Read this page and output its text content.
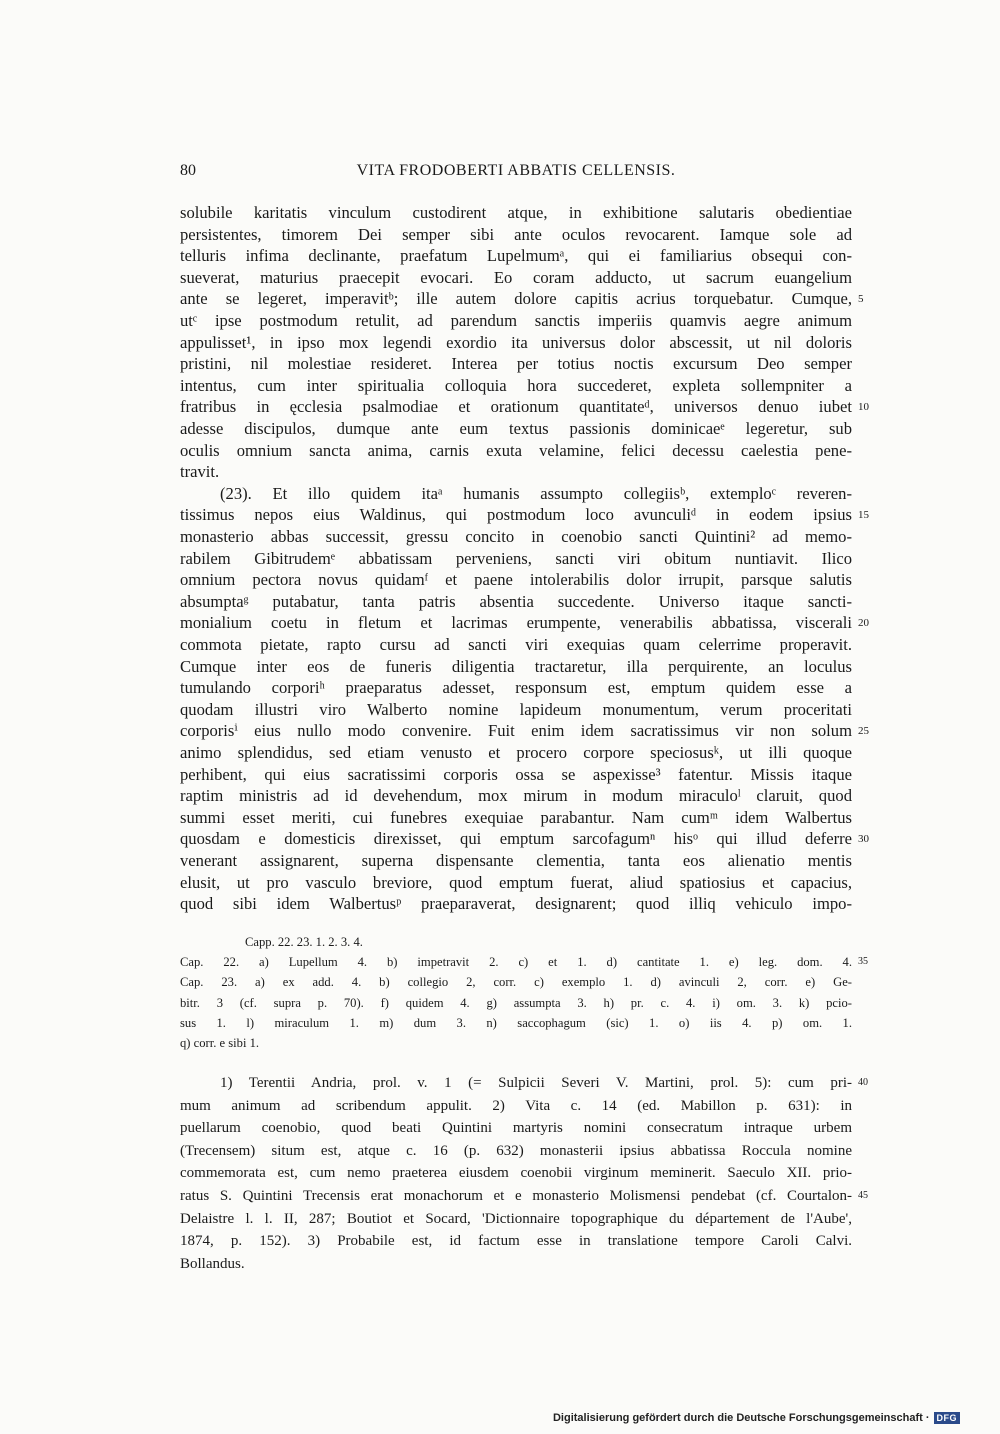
80	VITA FRODOBERTI ABBATIS CELLENSIS.
solubile karitatis vinculum custodirent atque, in exhibitione salutaris obedientiae
persistentes, timorem Dei semper sibi ante oculos revocarent. Iamque sole ad
telluris infima declinante, praefatum Lupelmumᵃ, qui ei familiarius obsequi con-
sueverat, maturius praecepit evocari. Eo coram adducto, ut sacrum euangelium
ante se legeret, imperavitᵇ; ille autem dolore capitis acrius torquebatur. Cumque, 5
utᶜ ipse postmodum retulit, ad parendum sanctis imperiis quamvis aegre animum
appulisset¹, in ipso mox legendi exordio ita universus dolor abscessit, ut nil doloris
pristini, nil molestiae resideret. Interea per totius noctis excursum Deo semper
intentus, cum inter spiritualia colloquia hora succederet, expleta sollempniter a
fratribus in ęcclesia psalmodiae et orationum quantitateᵈ, universos denuo iubet 10
adesse discipulos, dumque ante eum textus passionis dominicaeᵉ legeretur, sub
oculis omnium sancta anima, carnis exuta velamine, felici decessu caelestia pene-
travit.
(23). Et illo quidem itaᵃ humanis assumpto collegiisᵇ, extemploᶜ reveren-
tissimus nepos eius Waldinus, qui postmodum loco avunculiᵈ in eodem ipsius 15
monasterio abbas successit, gressu concito in coenobio sancti Quintini² ad memo-
rabilem Gibitrudemᵉ abbatissam perveniens, sancti viri obitum nuntiavit. Ilico
omnium pectora novus quidamᶠ et paene intolerabilis dolor irrupit, parsque salutis
absumptaᵍ putabatur, tanta patris absentia succedente. Universo itaque sancti-
monialium coetu in fletum et lacrimas erumpente, venerabilis abbatissa, viscerali 20
commota pietate, rapto cursu ad sancti viri exequias quam celerrime properavit.
Cumque inter eos de funeris diligentia tractaretur, illa perquirente, an loculus
tumulando corporiʰ praeparatus adesset, responsum est, emptum quidem esse a
quodam illustri viro Walberto nomine lapideum monumentum, verum proceritati
corporisⁱ eius nullo modo convenire. Fuit enim idem sacratissimus vir non solum 25
animo splendidus, sed etiam venusto et procero corpore speciosusᵏ, ut illi quoque
perhibent, qui eius sacratissimi corporis ossa se aspexisse³ fatentur. Missis itaque
raptim ministris ad id devehendum, mox mirum in modum miraculoˡ claruit, quod
summi esset meriti, cui funebres exequiae parabantur. Nam cumᵐ idem Walbertus
quosdam e domesticis direxisset, qui emptum sarcofagumⁿ hisᵒ qui illud deferre 30
venerant assignarent, superna dispensante clementia, tanta eos alienatio mentis
elusit, ut pro vasculo breviore, quod emptum fuerat, aliud spatiosius et capacius,
quod sibi idem Walbertusᵖ praeparaverat, designarent; quod illiq vehiculo impo-
Capp. 22. 23. 1. 2. 3. 4.
Cap. 22. a) Lupellum 4. b) impetravit 2. c) et 1. d) cantitate 1. e) leg. dom. 4. 35
Cap. 23. a) ex add. 4. b) collegio 2, corr. c) exemplo 1. d) avinculi 2, corr. e) Ge-
bitr. 3 (cf. supra p. 70). f) quidem 4. g) assumpta 3. h) pr. c. 4. i) om. 3. k) pcio-
sus 1. l) miraculum 1. m) dum 3. n) saccophagum (sic) 1. o) iis 4. p) om. 1.
q) corr. e sibi 1.
1) Terentii Andria, prol. v. 1 (= Sulpicii Severi V. Martini, prol. 5): cum pri- 40
mum animum ad scribendum appulit. 2) Vita c. 14 (ed. Mabillon p. 631): in
puellarum coenobio, quod beati Quintini martyris nomini consecratum intraque urbem
(Trecensem) situm est, atque c. 16 (p. 632) monasterii ipsius abbatissa Roccula nomine
commemorata est, cum nemo praeterea eiusdem coenobii virginum meminerit. Saeculo XII. prio-
ratus S. Quintini Trecensis erat monachorum et e monasterio Molismensi pendebat (cf. Courtalon- 45
Delaistre l. l. II, 287; Boutiot et Socard, 'Dictionnaire topographique du département de l'Aube',
1874, p. 152). 3) Probabile est, id factum esse in translatione tempore Caroli Calvi.
Bollandus.
Digitalisierung gefördert durch die Deutsche Forschungsgemeinschaft · DFG
